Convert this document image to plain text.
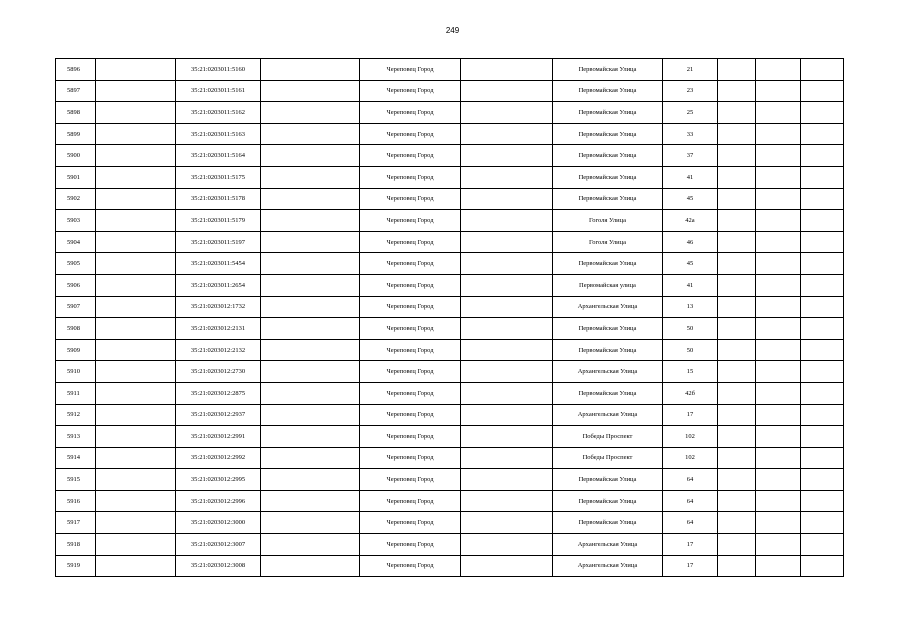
249
5896		35:21:0203011:5160		Череповец Город		Первомайская Улица	21			
5897		35:21:0203011:5161		Череповец Город		Первомайская Улица	23			
5898		35:21:0203011:5162		Череповец Город		Первомайская Улица	25			
5899		35:21:0203011:5163		Череповец Город		Первомайская Улица	33			
5900		35:21:0203011:5164		Череповец Город		Первомайская Улица	37			
5901		35:21:0203011:5175		Череповец Город		Первомайская Улица	41			
5902		35:21:0203011:5178		Череповец Город		Первомайская Улица	45			
5903		35:21:0203011:5179		Череповец Город		Гоголя Улица	42а			
5904		35:21:0203011:5197		Череповец Город		Гоголя Улица	46			
5905		35:21:0203011:5454		Череповец Город		Первомайская Улица	45			
5906		35:21:0203011:2654		Череповец Город		Первомайская улица	41			
5907		35:21:0203012:1732		Череповец Город		Архангельская Улица	13			
5908		35:21:0203012:2131		Череповец Город		Первомайская Улица	50			
5909		35:21:0203012:2132		Череповец Город		Первомайская Улица	50			
5910		35:21:0203012:2730		Череповец Город		Архангельская Улица	15			
5911		35:21:0203012:2875		Череповец Город		Первомайская Улица	42б			
5912		35:21:0203012:2937		Череповец Город		Архангельская Улица	17			
5913		35:21:0203012:2991		Череповец Город		Победы Проспект	102			
5914		35:21:0203012:2992		Череповец Город		Победы Проспект	102			
5915		35:21:0203012:2995		Череповец Город		Первомайская Улица	64			
5916		35:21:0203012:2996		Череповец Город		Первомайская Улица	64			
5917		35:21:0203012:3000		Череповец Город		Первомайская Улица	64			
5918		35:21:0203012:3007		Череповец Город		Архангельская Улица	17			
5919		35:21:0203012:3008		Череповец Город		Архангельская Улица	17			
